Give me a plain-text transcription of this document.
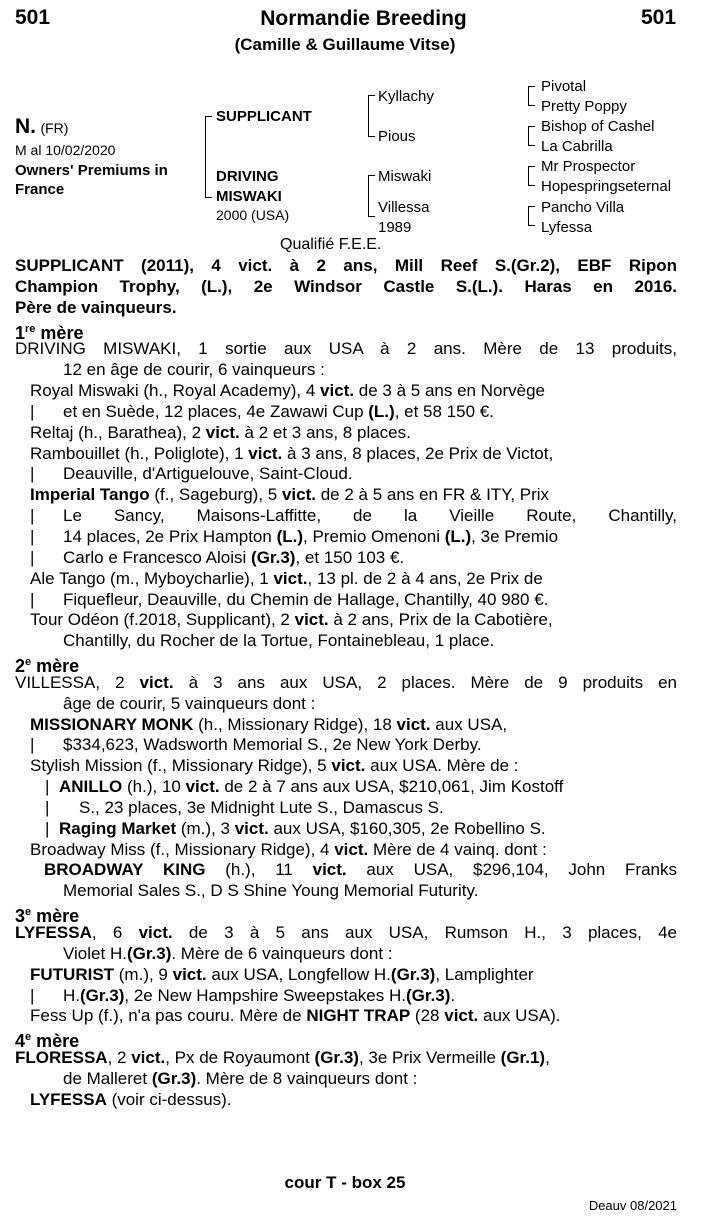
501	Normandie Breeding	501
(Camille & Guillaume Vitse)
N. (FR)
M al 10/02/2020
Owners' Premiums in
France
SUPPLICANT
DRIVING
MISWAKI
2000 (USA)
Kyllachy
Pious
Miswaki
Villessa
1989
Pivotal
Pretty Poppy
Bishop of Cashel
La Cabrilla
Mr Prospector
Hopespringseternal
Pancho Villa
Lyfessa
Qualifié F.E.E.
SUPPLICANT (2011), 4 vict. à 2 ans, Mill Reef S.(Gr.2), EBF Ripon
Champion Trophy, (L.), 2e Windsor Castle S.(L.). Haras en 2016.
Père de vainqueurs.
1re mère
DRIVING MISWAKI, 1 sortie aux USA à 2 ans. Mère de 13 produits,
12 en âge de courir, 6 vainqueurs :
Royal Miswaki (h., Royal Academy), 4 vict. de 3 à 5 ans en Norvège
| et en Suède, 12 places, 4e Zawawi Cup (L.), et 58 150 €.
Reltaj (h., Barathea), 2 vict. à 2 et 3 ans, 8 places.
Rambouillet (h., Poliglote), 1 vict. à 3 ans, 8 places, 2e Prix de Victot,
| Deauville, d'Artiguelouve, Saint-Cloud.
Imperial Tango (f., Sageburg), 5 vict. de 2 à 5 ans en FR & ITY, Prix
|	Le Sancy, Maisons-Laffitte, de la Vieille Route, Chantilly,
| 14 places, 2e Prix Hampton (L.), Premio Omenoni (L.), 3e Premio
| Carlo e Francesco Aloisi (Gr.3), et 150 103 €.
Ale Tango (m., Myboycharlie), 1 vict., 13 pl. de 2 à 4 ans, 2e Prix de
| Fiquefleur, Deauville, du Chemin de Hallage, Chantilly, 40 980 €.
Tour Odéon (f.2018, Supplicant), 2 vict. à 2 ans, Prix de la Cabotière,
Chantilly, du Rocher de la Tortue, Fontainebleau, 1 place.
2e mère
VILLESSA, 2 vict. à 3 ans aux USA, 2 places. Mère de 9 produits en
âge de courir, 5 vainqueurs dont :
MISSIONARY MONK (h., Missionary Ridge), 18 vict. aux USA,
| $334,623, Wadsworth Memorial S., 2e New York Derby.
Stylish Mission (f., Missionary Ridge), 5 vict. aux USA. Mère de :
| ANILLO (h.), 10 vict. de 2 à 7 ans aux USA, $210,061, Jim Kostoff
| S., 23 places, 3e Midnight Lute S., Damascus S.
| Raging Market (m.), 3 vict. aux USA, $160,305, 2e Robellino S.
Broadway Miss (f., Missionary Ridge), 4 vict. Mère de 4 vainq. dont :
BROADWAY KING (h.), 11 vict. aux USA, $296,104, John Franks
Memorial Sales S., D S Shine Young Memorial Futurity.
3e mère
LYFESSA, 6 vict. de 3 à 5 ans aux USA, Rumson H., 3 places, 4e
Violet H.(Gr.3). Mère de 6 vainqueurs dont :
FUTURIST (m.), 9 vict. aux USA, Longfellow H.(Gr.3), Lamplighter
| H.(Gr.3), 2e New Hampshire Sweepstakes H.(Gr.3).
Fess Up (f.), n'a pas couru. Mère de NIGHT TRAP (28 vict. aux USA).
4e mère
FLORESSA, 2 vict., Px de Royaumont (Gr.3), 3e Prix Vermeille (Gr.1),
de Malleret (Gr.3). Mère de 8 vainqueurs dont :
LYFESSA (voir ci-dessus).
cour T - box 25
Deauv 08/2021
